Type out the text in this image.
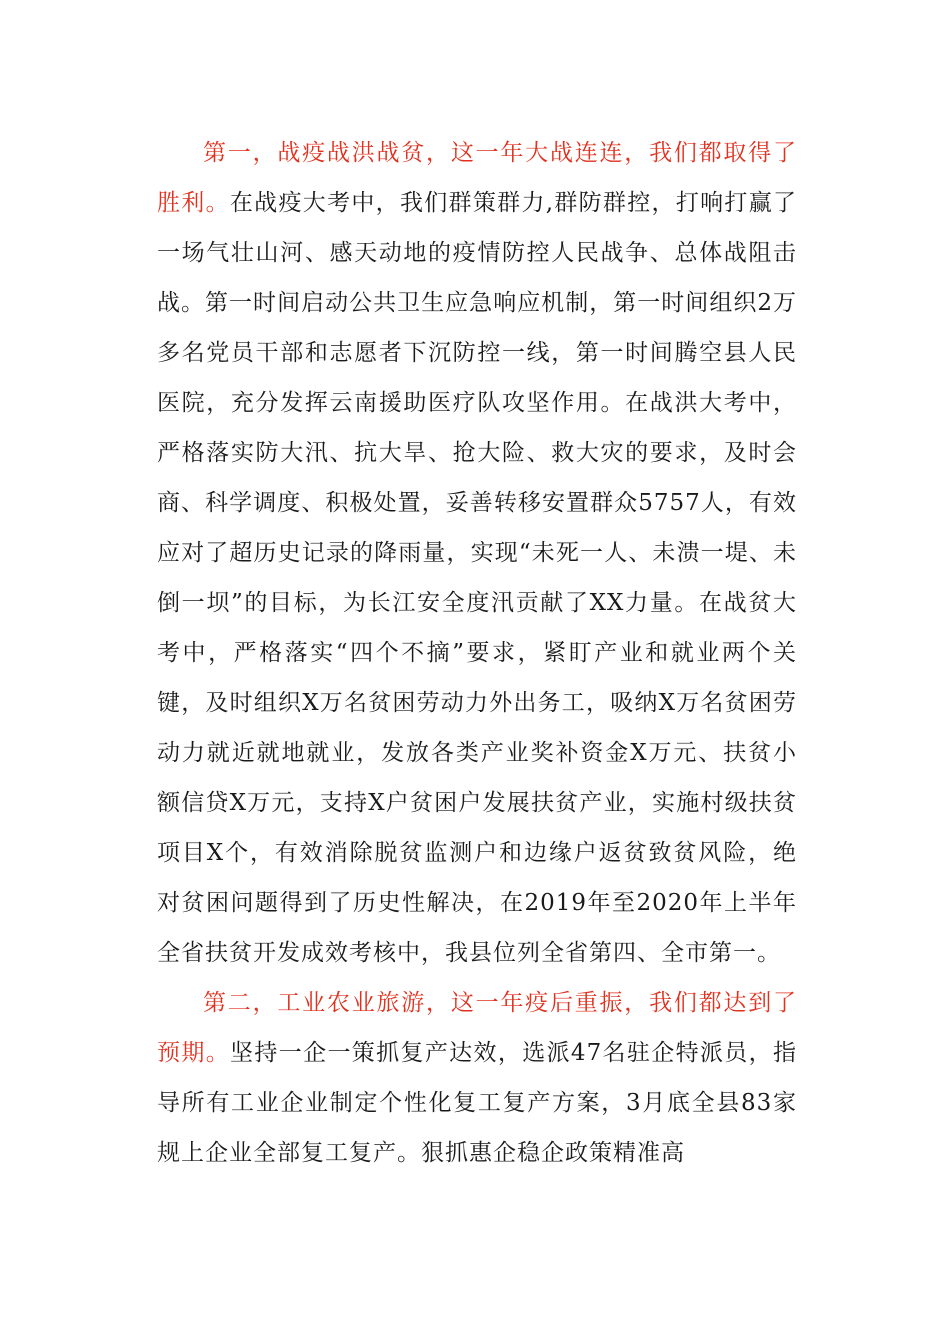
第一，战疫战洪战贫，这一年大战连连，我们都取得了胜利。在战疫大考中，我们群策群力,群防群控，打响打赢了一场气壮山河、感天动地的疫情防控人民战争、总体战阻击战。第一时间启动公共卫生应急响应机制，第一时间组织2万多名党员干部和志愿者下沉防控一线，第一时间腾空县人民医院，充分发挥云南援助医疗队攻坚作用。在战洪大考中，严格落实防大汛、抗大旱、抢大险、救大灾的要求，及时会商、科学调度、积极处置，妥善转移安置群众5757人，有效应对了超历史记录的降雨量，实现“未死一人、未溃一堤、未倒一坝”的目标，为长江安全度汛贡献了XX力量。在战贫大考中，严格落实“四个不摘”要求，紧盯产业和就业两个关键，及时组织X万名贫困劳动力外出务工，吸纳X万名贫困劳动力就近就地就业，发放各类产业奖补资金X万元、扶贫小额信贷X万元，支持X户贫困户发展扶贫产业，实施村级扶贫项目X个，有效消除脱贫监测户和边缘户返贫致贫风险，绝对贫困问题得到了历史性解决，在2019年至2020年上半年全省扶贫开发成效考核中，我县位列全省第四、全市第一。

第二，工业农业旅游，这一年疫后重振，我们都达到了预期。坚持一企一策抓复产达效，选派47名驻企特派员，指导所有工业企业制定个性化复工复产方案，3月底全县83家规上企业全部复工复产。狠抓惠企稳企政策精准高
